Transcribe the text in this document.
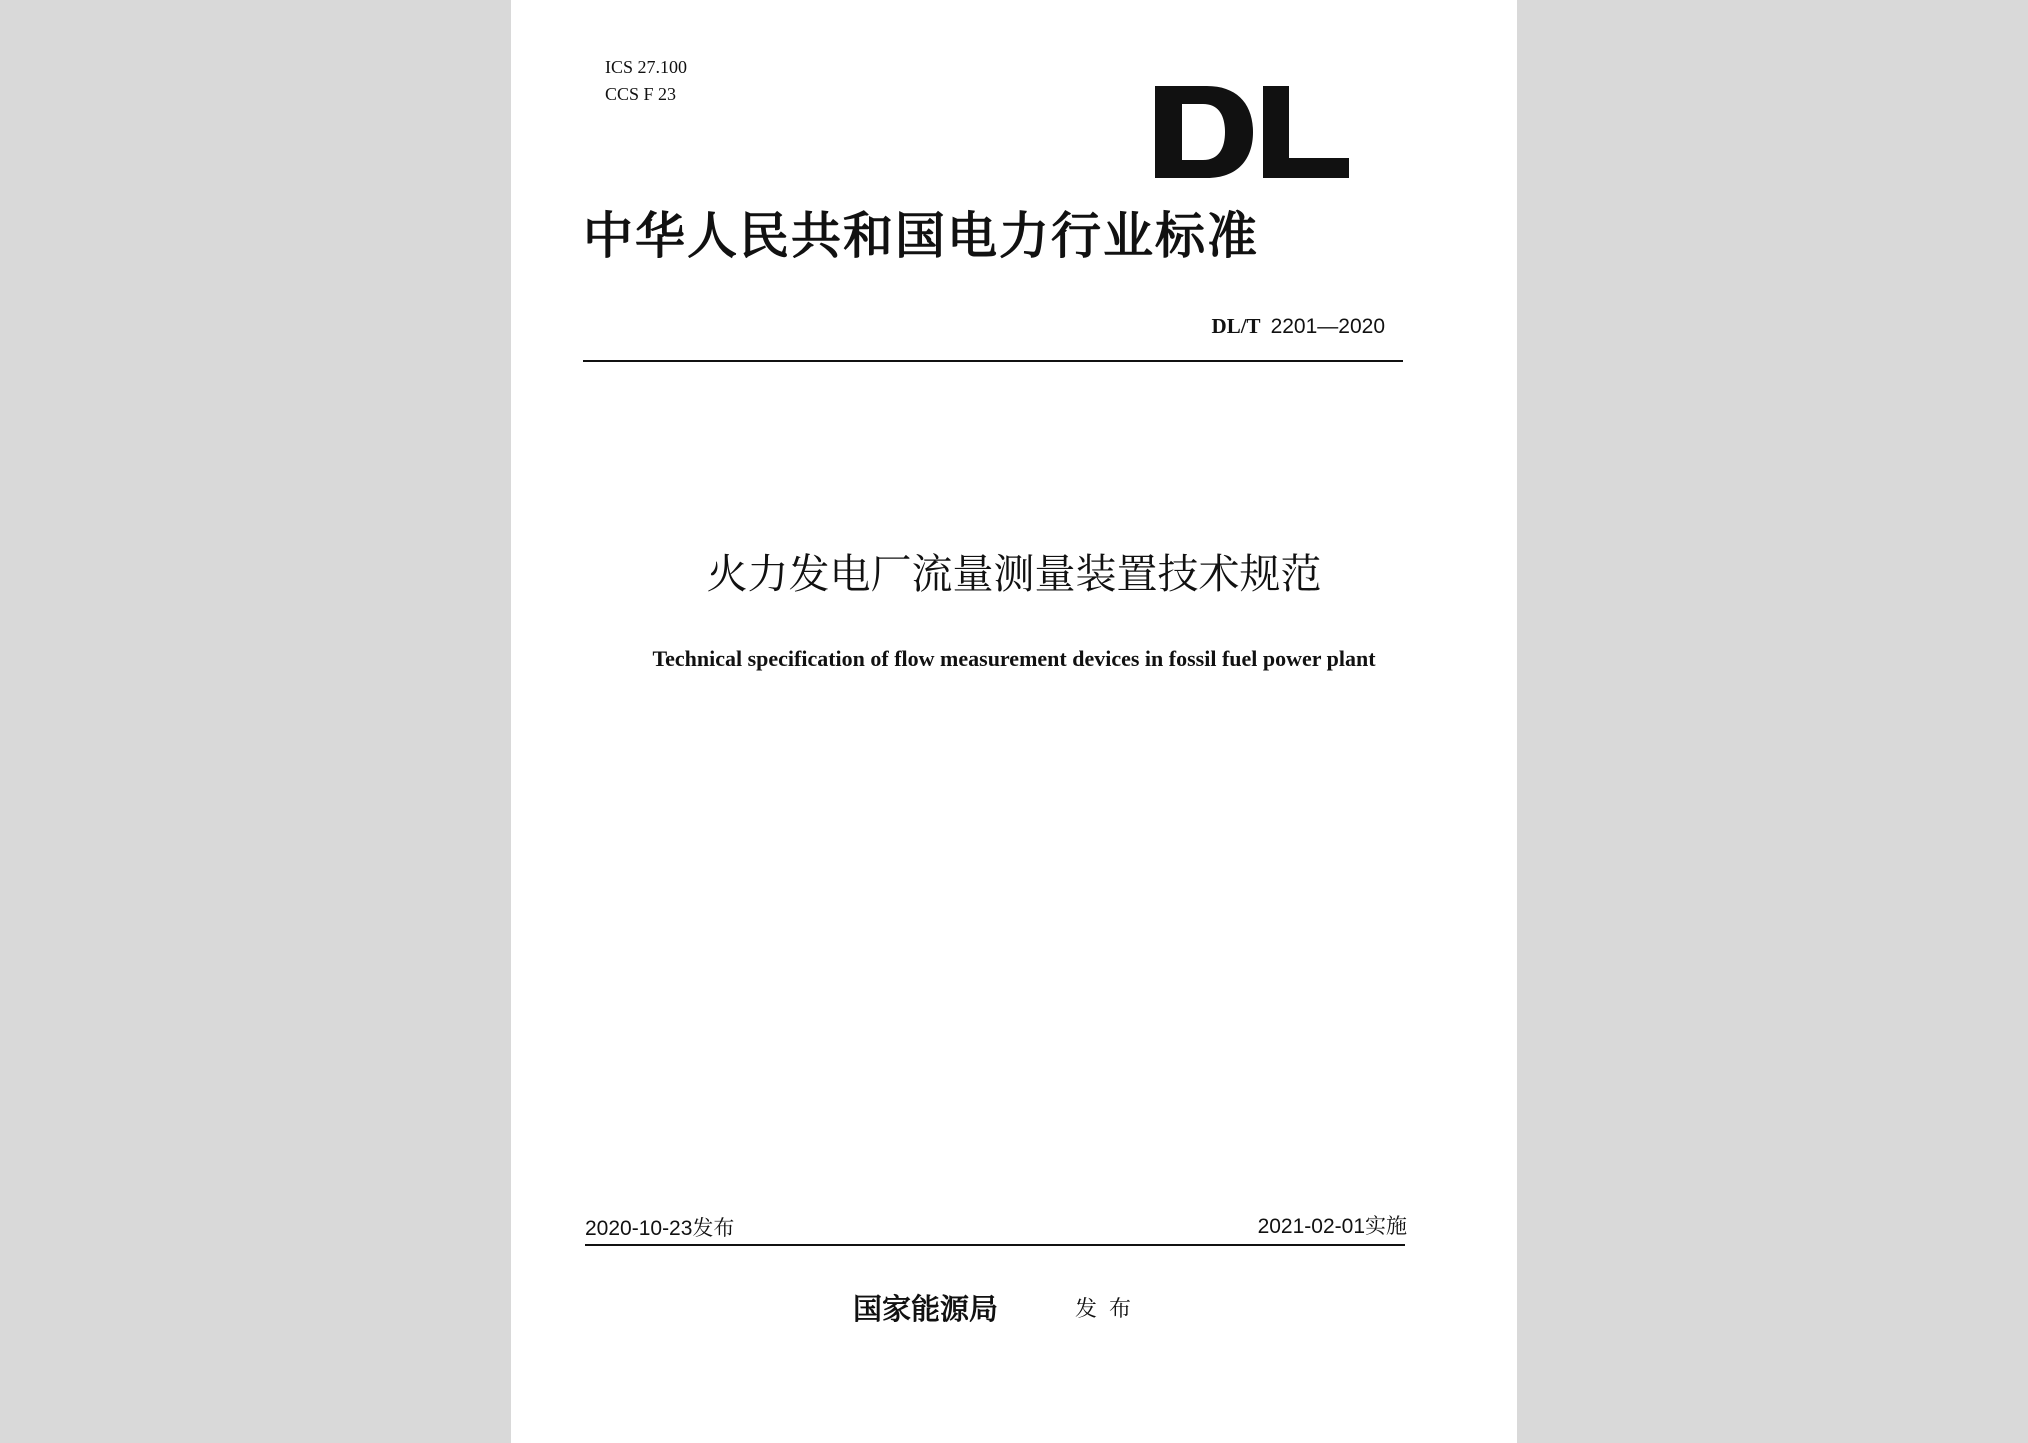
ICS 27.100
CCS F 23
中华人民共和国电力行业标准
DL/T 2201—2020
火力发电厂流量测量装置技术规范
Technical specification of flow measurement devices in fossil fuel power plant
2020-10-23发布	2021-02-01实施
国家能源局	发布
